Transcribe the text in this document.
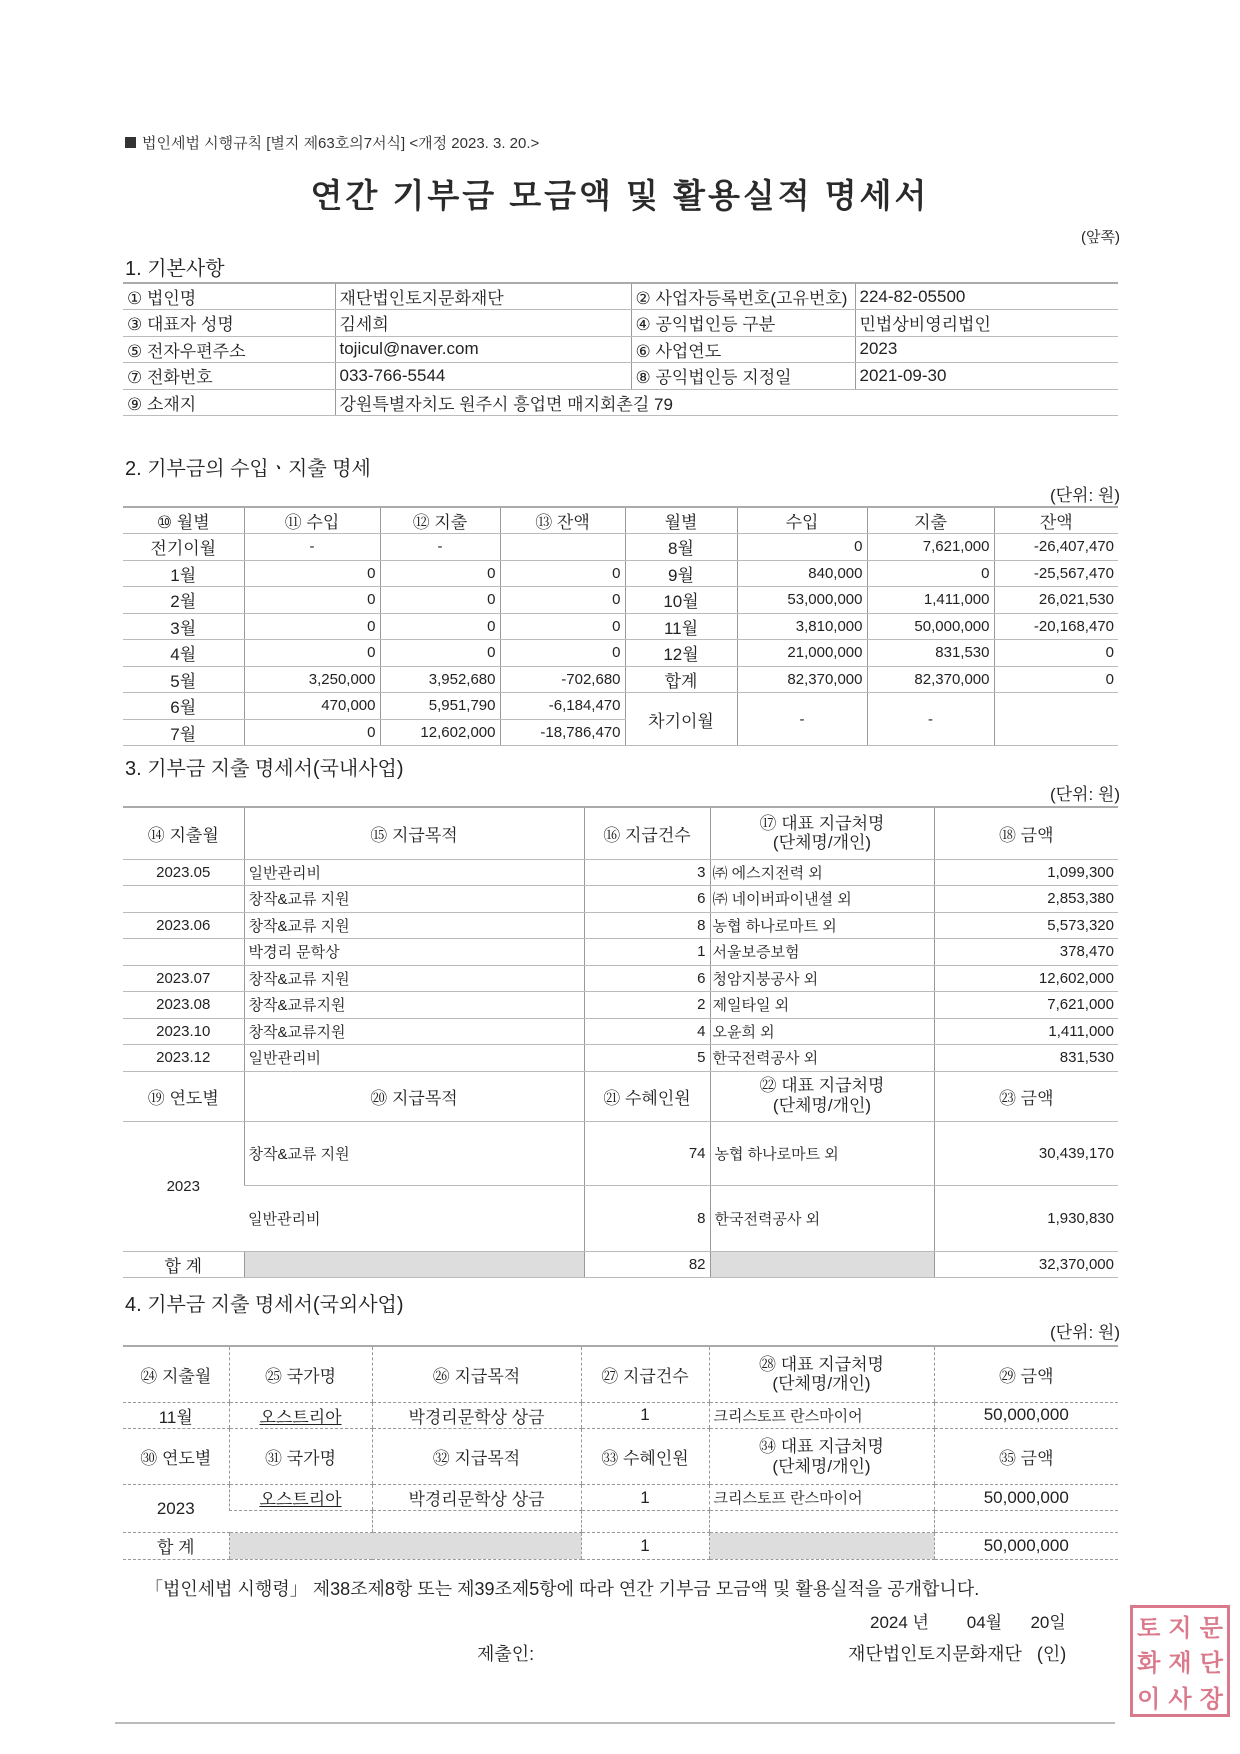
법인세법 시행규칙 [별지 제63호의7서식] <개정 2023. 3. 20.>
연간 기부금 모금액 및 활용실적 명세서
(앞쪽)
1. 기본사항
① 법인명	재단법인토지문화재단	② 사업자등록번호(고유번호)	224-82-05500
③ 대표자 성명	김세희	④ 공익법인등 구분	민법상비영리법인
⑤ 전자우편주소	tojicul@naver.com	⑥ 사업연도	2023
⑦ 전화번호	033-766-5544	⑧ 공익법인등 지정일	2021-09-30
⑨ 소재지	강원특별자치도 원주시 흥업면 매지회촌길 79		
2. 기부금의 수입ㆍ지출 명세
(단위: 원)
⑩ 월별	⑪ 수입	⑫ 지출	⑬ 잔액	월별	수입	지출	잔액
전기이월	-	-		8월	0	7,621,000	-26,407,470
1월	0	0	0	9월	840,000	0	-25,567,470
2월	0	0	0	10월	53,000,000	1,411,000	26,021,530
3월	0	0	0	11월	3,810,000	50,000,000	-20,168,470
4월	0	0	0	12월	21,000,000	831,530	0
5월	3,250,000	3,952,680	-702,680	합계	82,370,000	82,370,000	0
6월	470,000	5,951,790	-6,184,470	차기이월	-	-	
7월	0	12,602,000	-18,786,470				
3. 기부금 지출 명세서(국내사업)
(단위: 원)
⑭ 지출월	⑮ 지급목적	⑯ 지급건수	⑰ 대표 지급처명
(단체명/개인)	⑱ 금액
2023.05	일반관리비	3	㈜ 에스지전력 외	1,099,300
	창작&교류 지원	6	㈜ 네이버파이낸셜 외	2,853,380
2023.06	창작&교류 지원	8	농협 하나로마트 외	5,573,320
	박경리 문학상	1	서울보증보험	378,470
2023.07	창작&교류 지원	6	청암지붕공사 외	12,602,000
2023.08	창작&교류지원	2	제일타일 외	7,621,000
2023.10	창작&교류지원	4	오윤희 외	1,411,000
2023.12	일반관리비	5	한국전력공사 외	831,530
⑲ 연도별	⑳ 지급목적	㉑ 수혜인원	㉒ 대표 지급처명
(단체명/개인)	㉓ 금액
2023	창작&교류 지원	74	농협 하나로마트 외	30,439,170
	일반관리비	8	한국전력공사 외	1,930,830
합 계		82		32,370,000
4. 기부금 지출 명세서(국외사업)
(단위: 원)
㉔ 지출월	㉕ 국가명	㉖ 지급목적	㉗ 지급건수	㉘ 대표 지급처명
(단체명/개인)	㉙ 금액
11월	오스트리아	박경리문학상 상금	1	크리스토프 란스마이어	50,000,000
㉚ 연도별	㉛ 국가명	㉜ 지급목적	㉝ 수혜인원	㉞ 대표 지급처명
(단체명/개인)	㉟ 금액
2023	오스트리아	박경리문학상 상금	1	크리스토프 란스마이어	50,000,000

합 계			1		50,000,000
「법인세법 시행령」 제38조제8항 또는 제39조제5항에 따라 연간 기부금 모금액 및 활용실적을 공개합니다.
2024 년 04월 20일
제출인:	재단법인토지문화재단 (인)
토 지 문
화 재 단
이 사 장
